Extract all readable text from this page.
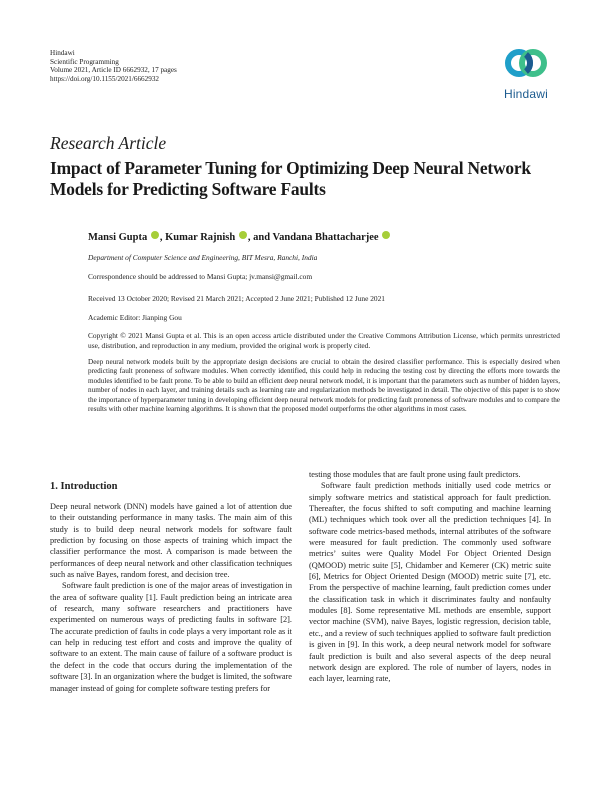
Hindawi
Scientific Programming
Volume 2021, Article ID 6662932, 17 pages
https://doi.org/10.1155/2021/6662932
Hindawi
Research Article
Impact of Parameter Tuning for Optimizing Deep Neural Network Models for Predicting Software Faults
Mansi Gupta , Kumar Rajnish , and Vandana Bhattacharjee
Department of Computer Science and Engineering, BIT Mesra, Ranchi, India
Correspondence should be addressed to Mansi Gupta; jv.mansi@gmail.com
Received 13 October 2020; Revised 21 March 2021; Accepted 2 June 2021; Published 12 June 2021
Academic Editor: Jianping Gou
Copyright © 2021 Mansi Gupta et al. This is an open access article distributed under the Creative Commons Attribution License, which permits unrestricted use, distribution, and reproduction in any medium, provided the original work is properly cited.
Deep neural network models built by the appropriate design decisions are crucial to obtain the desired classifier performance. This is especially desired when predicting fault proneness of software modules. When correctly identified, this could help in reducing the testing cost by directing the efforts more towards the modules identified to be fault prone. To be able to build an efficient deep neural network model, it is important that the parameters such as number of hidden layers, number of nodes in each layer, and training details such as learning rate and regularization methods be investigated in detail. The objective of this paper is to show the importance of hyperparameter tuning in developing efficient deep neural network models for predicting fault proneness of software modules and to compare the results with other machine learning algorithms. It is shown that the proposed model outperforms the other algorithms in most cases.
1. Introduction

Deep neural network (DNN) models have gained a lot of attention due to their outstanding performance in many tasks. The main aim of this study is to build deep neural network models for software fault prediction by focusing on those aspects of training which impact the classifier performance the most. A comparison is made between the performances of deep neural network and other classification techniques such as naïve Bayes, random forest, and decision tree.

Software fault prediction is one of the major areas of investigation in the area of software quality [1]. Fault prediction being an intricate area of research, many software researchers and practitioners have experimented on numerous ways of predicting faults in software [2]. The accurate prediction of faults in code plays a very important role as it can help in reducing test effort and costs and improve the quality of software to an extent. The main cause of failure of a software product is the defect in the code that occurs during the implementation of the software [3]. In an organization where the budget is limited, the software manager instead of going for complete software testing prefers for

testing those modules that are fault prone using fault predictors.

Software fault prediction methods initially used code metrics or simply software metrics and statistical approach for fault prediction. Thereafter, the focus shifted to soft computing and machine learning (ML) techniques which took over all the prediction techniques [4]. In software code metrics-based methods, internal attributes of the software were measured for fault prediction. The commonly used software metrics’ suites were Quality Model For Object Oriented Design (QMOOD) metric suite [5], Chidamber and Kemerer (CK) metric suite [6], Metrics for Object Oriented Design (MOOD) metric suite [7], etc. From the perspective of machine learning, fault prediction comes under the classification task in which it discriminates faulty and nonfaulty modules [8]. Some representative ML methods are ensemble, support vector machine (SVM), naive Bayes, logistic regression, decision table, etc., and a review of such techniques applied to software fault prediction is given in [9]. In this work, a deep neural network model for software fault prediction is built and also several aspects of the deep neural network design are explored. The role of number of layers, nodes in each layer, learning rate,
